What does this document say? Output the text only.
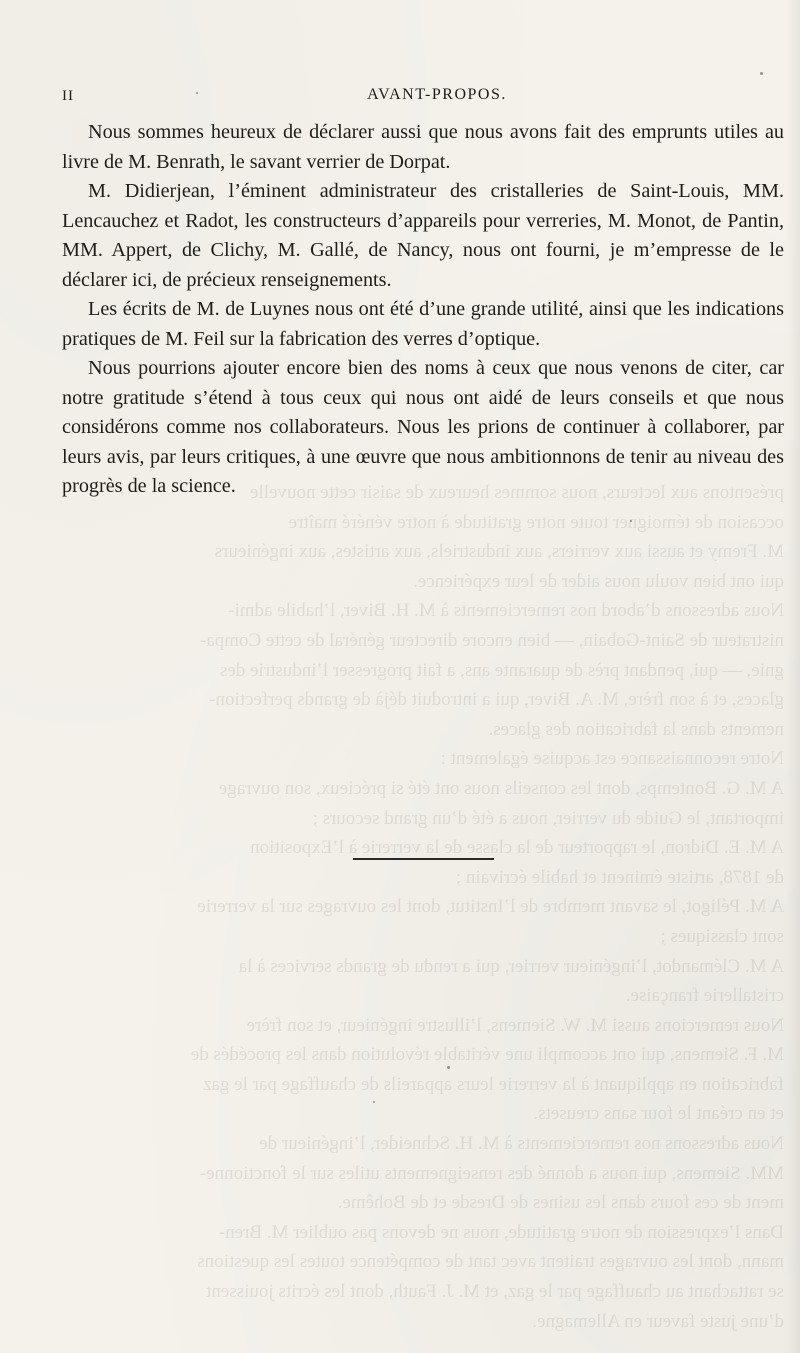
présentons aux lecteurs, nous sommes heureux de saisir cette nouvelle
occasion de témoigner toute notre gratitude à notre vénéré maître
M. Fremy et aussi aux verriers, aux industriels, aux artistes, aux ingénieurs
qui ont bien voulu nous aider de leur expérience.
Nous adressons d’abord nos remerciements à M. H. Biver, l’habile admi-
nistrateur de Saint-Gobain, — bien encore directeur général de cette Compa-
gnie, — qui, pendant près de quarante ans, a fait progresser l’industrie des
glaces, et à son frère, M. A. Biver, qui a introduit déjà de grands perfection-
nements dans la fabrication des glaces.
Notre reconnaissance est acquise également :
A M. G. Bontemps, dont les conseils nous ont été si précieux, son ouvrage
important, le Guide du verrier, nous a été d’un grand secours ;
A M. E. Didron, le rapporteur de la classe de la verrerie à l’Exposition
de 1878, artiste éminent et habile écrivain ;
A M. Péligot, le savant membre de l’Institut, dont les ouvrages sur la verrerie
sont classiques ;
A M. Clémandot, l’ingénieur verrier, qui a rendu de grands services à la
cristallerie française.
Nous remercions aussi M. W. Siemens, l’illustre ingénieur, et son frère
M. F. Siemens, qui ont accompli une véritable révolution dans les procédés de
fabrication en appliquant à la verrerie leurs appareils de chauffage par le gaz
et en créant le four sans creusets.
Nous adressons nos remerciements à M. H. Schneider, l’ingénieur de
MM. Siemens, qui nous a donné des renseignements utiles sur le fonctionne-
ment de ces fours dans les usines de Dresde et de Bohême.
Dans l’expression de notre gratitude, nous ne devons pas oublier M. Bren-
mann, dont les ouvrages traitent avec tant de compétence toutes les questions
se rattachant au chauffage par le gaz, et M. J. Fauth, dont les écrits jouissent
d’une juste faveur en Allemagne.
II	AVANT-PROPOS.

Nous sommes heureux de déclarer aussi que nous avons fait des emprunts utiles au livre de M. Benrath, le savant verrier de Dorpat.

M. Didierjean, l’éminent administrateur des cristalleries de Saint-Louis, MM. Lencauchez et Radot, les constructeurs d’appareils pour verreries, M. Monot, de Pantin, MM. Appert, de Clichy, M. Gallé, de Nancy, nous ont fourni, je m’empresse de le déclarer ici, de précieux renseignements.

Les écrits de M. de Luynes nous ont été d’une grande utilité, ainsi que les indications pratiques de M. Feil sur la fabrication des verres d’optique.

Nous pourrions ajouter encore bien des noms à ceux que nous venons de citer, car notre gratitude s’étend à tous ceux qui nous ont aidé de leurs conseils et que nous considérons comme nos collaborateurs. Nous les prions de continuer à collaborer, par leurs avis, par leurs critiques, à une œuvre que nous ambitionnons de tenir au niveau des progrès de la science.
